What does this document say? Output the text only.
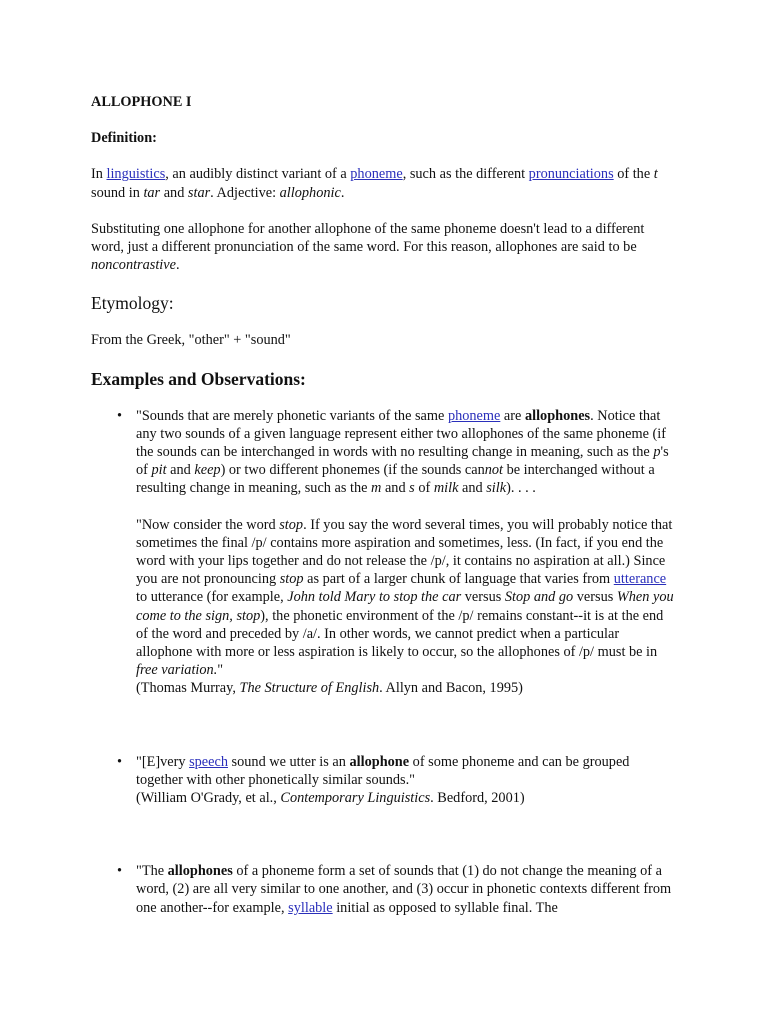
ALLOPHONE I
Definition:

In linguistics, an audibly distinct variant of a phoneme, such as the different pronunciations of the t sound in tar and star. Adjective: allophonic.

Substituting one allophone for another allophone of the same phoneme doesn't lead to a different word, just a different pronunciation of the same word. For this reason, allophones are said to be noncontrastive.

Etymology:

From the Greek, "other" + "sound"

Examples and Observations:
• "Sounds that are merely phonetic variants of the same phoneme are allophones. Notice that any two sounds of a given language represent either two allophones of the same phoneme (if the sounds can be interchanged in words with no resulting change in meaning, such as the p's of pit and keep) or two different phonemes (if the sounds cannot be interchanged without a resulting change in meaning, such as the m and s of milk and silk). . . .
"Now consider the word stop. If you say the word several times, you will probably notice that sometimes the final /p/ contains more aspiration and sometimes, less. (In fact, if you end the word with your lips together and do not release the /p/, it contains no aspiration at all.) Since you are not pronouncing stop as part of a larger chunk of language that varies from utterance to utterance (for example, John told Mary to stop the car versus Stop and go versus When you come to the sign, stop), the phonetic environment of the /p/ remains constant--it is at the end of the word and preceded by /a/. In other words, we cannot predict when a particular allophone with more or less aspiration is likely to occur, so the allophones of /p/ must be in free variation."
(Thomas Murray, The Structure of English. Allyn and Bacon, 1995)
• "[E]very speech sound we utter is an allophone of some phoneme and can be grouped together with other phonetically similar sounds."
(William O'Grady, et al., Contemporary Linguistics. Bedford, 2001)
• "The allophones of a phoneme form a set of sounds that (1) do not change the meaning of a word, (2) are all very similar to one another, and (3) occur in phonetic contexts different from one another--for example, syllable initial as opposed to syllable final. The
